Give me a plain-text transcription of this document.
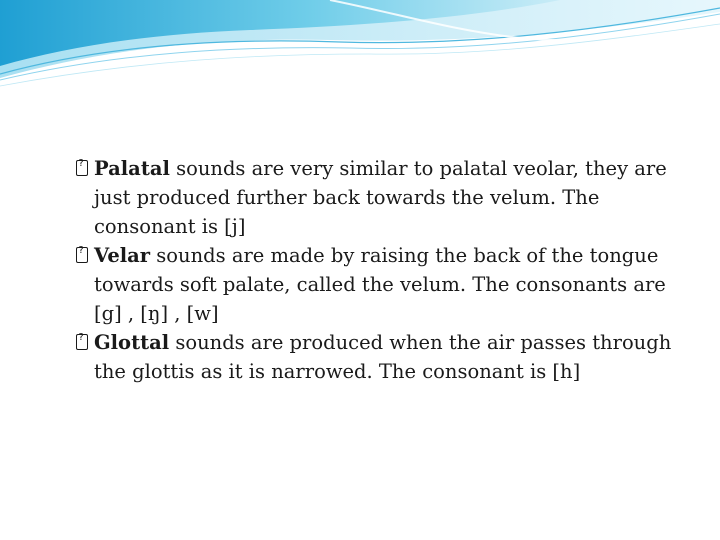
?
Palatal sounds are very similar to palatal veolar, they are just produced further back towards the velum. The consonant is [j]

?
Velar sounds are made by raising the back of the tongue towards soft palate, called the velum. The consonants are [g] , [ŋ] , [w]

?
Glottal sounds are produced when the air passes through the glottis as it is narrowed. The consonant is [h]
